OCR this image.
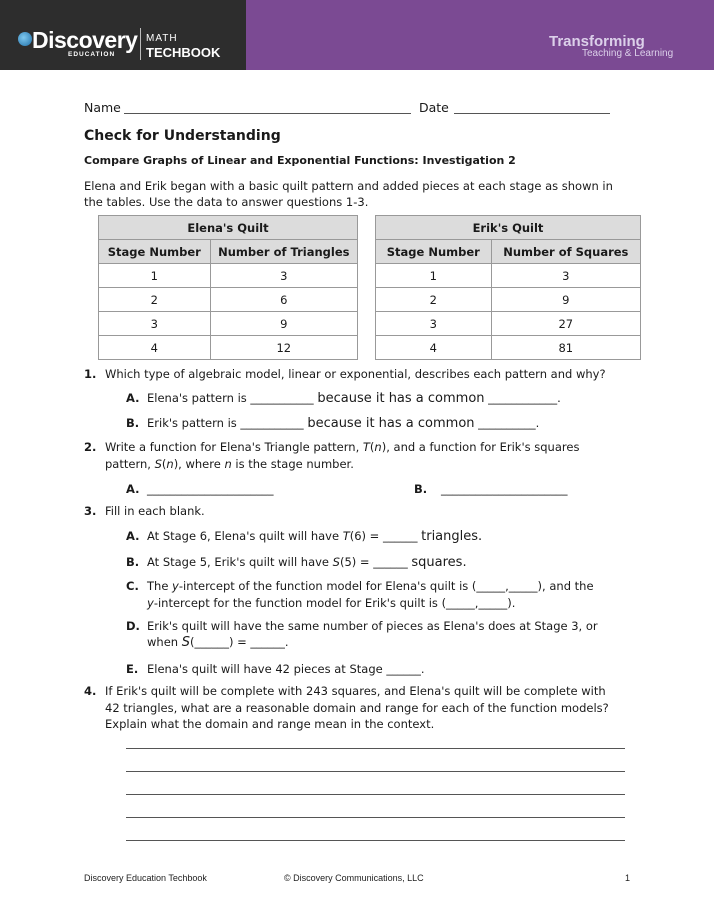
Discovery
EDUCATION
MATH
TECHBOOK
Transforming
Teaching & Learning
Name	Date
Check for Understanding
Compare Graphs of Linear and Exponential Functions: Investigation 2
Elena and Erik began with a basic quilt pattern and added pieces at each stage as shown in
the tables. Use the data to answer questions 1-3.
Elena's Quilt	
Stage Number	Number of Triangles
1	3
2	6
3	9
4	12
Erik's Quilt	
Stage Number	Number of Squares
1	3
2	9
3	27
4	81
1. Which type of algebraic model, linear or exponential, describes each pattern and why?
A. Elena's pattern is ___________ because it has a common ____________.
B. Erik's pattern is ___________ because it has a common __________.
2. Write a function for Elena's Triangle pattern, T(n), and a function for Erik's squares
pattern, S(n), where n is the stage number.
A. ______________________	B. ______________________
3. Fill in each blank.
A. At Stage 6, Elena's quilt will have T(6) = ______ triangles.
B. At Stage 5, Erik's quilt will have S(5) = ______ squares.
C. The y-intercept of the function model for Elena's quilt is (_____,_____), and the
y-intercept for the function model for Erik's quilt is (_____,_____).
D. Erik's quilt will have the same number of pieces as Elena's does at Stage 3, or
when S(______) = ______.
E. Elena's quilt will have 42 pieces at Stage ______.
4. If Erik's quilt will be complete with 243 squares, and Elena's quilt will be complete with
42 triangles, what are a reasonable domain and range for each of the function models?
Explain what the domain and range mean in the context.
Discovery Education Techbook	© Discovery Communications, LLC	1
